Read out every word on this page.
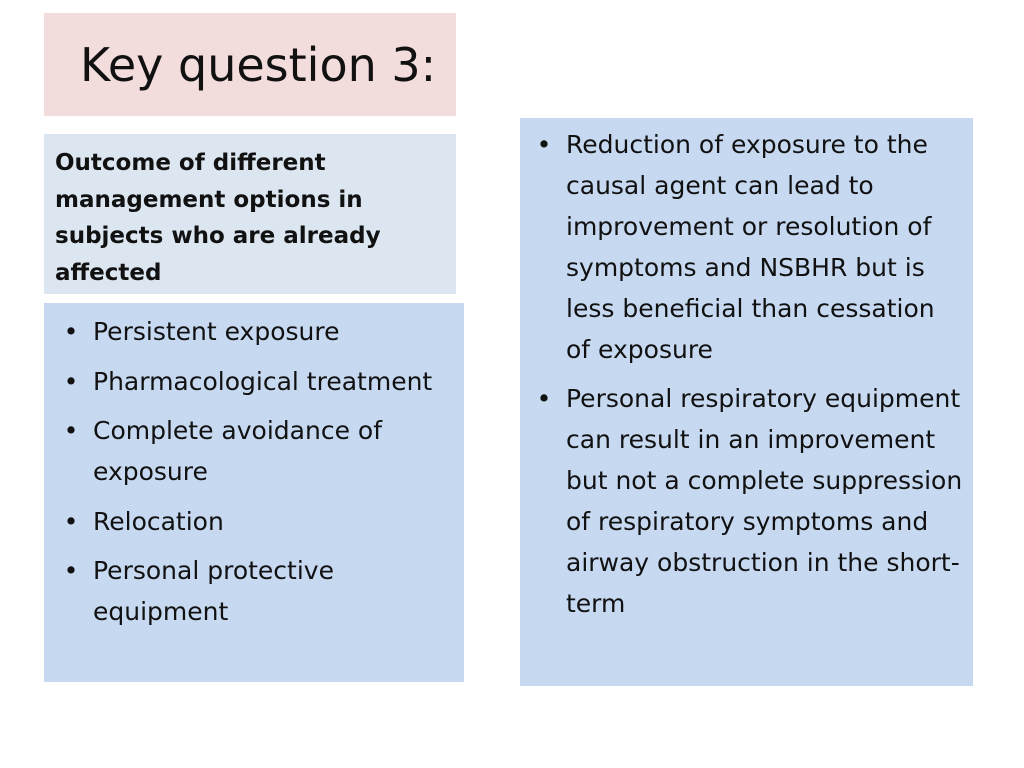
Key question 3:

Outcome of different management options in subjects who are already affected

• Persistent exposure
• Pharmacological treatment
• Complete avoidance of exposure
• Relocation
• Personal protective equipment
• Reduction of exposure to the causal agent can lead to improvement or resolution of symptoms and NSBHR but is less beneficial than cessation of exposure
• Personal respiratory equipment can result in an improvement but not a complete suppression of respiratory symptoms and airway obstruction in the short-term
